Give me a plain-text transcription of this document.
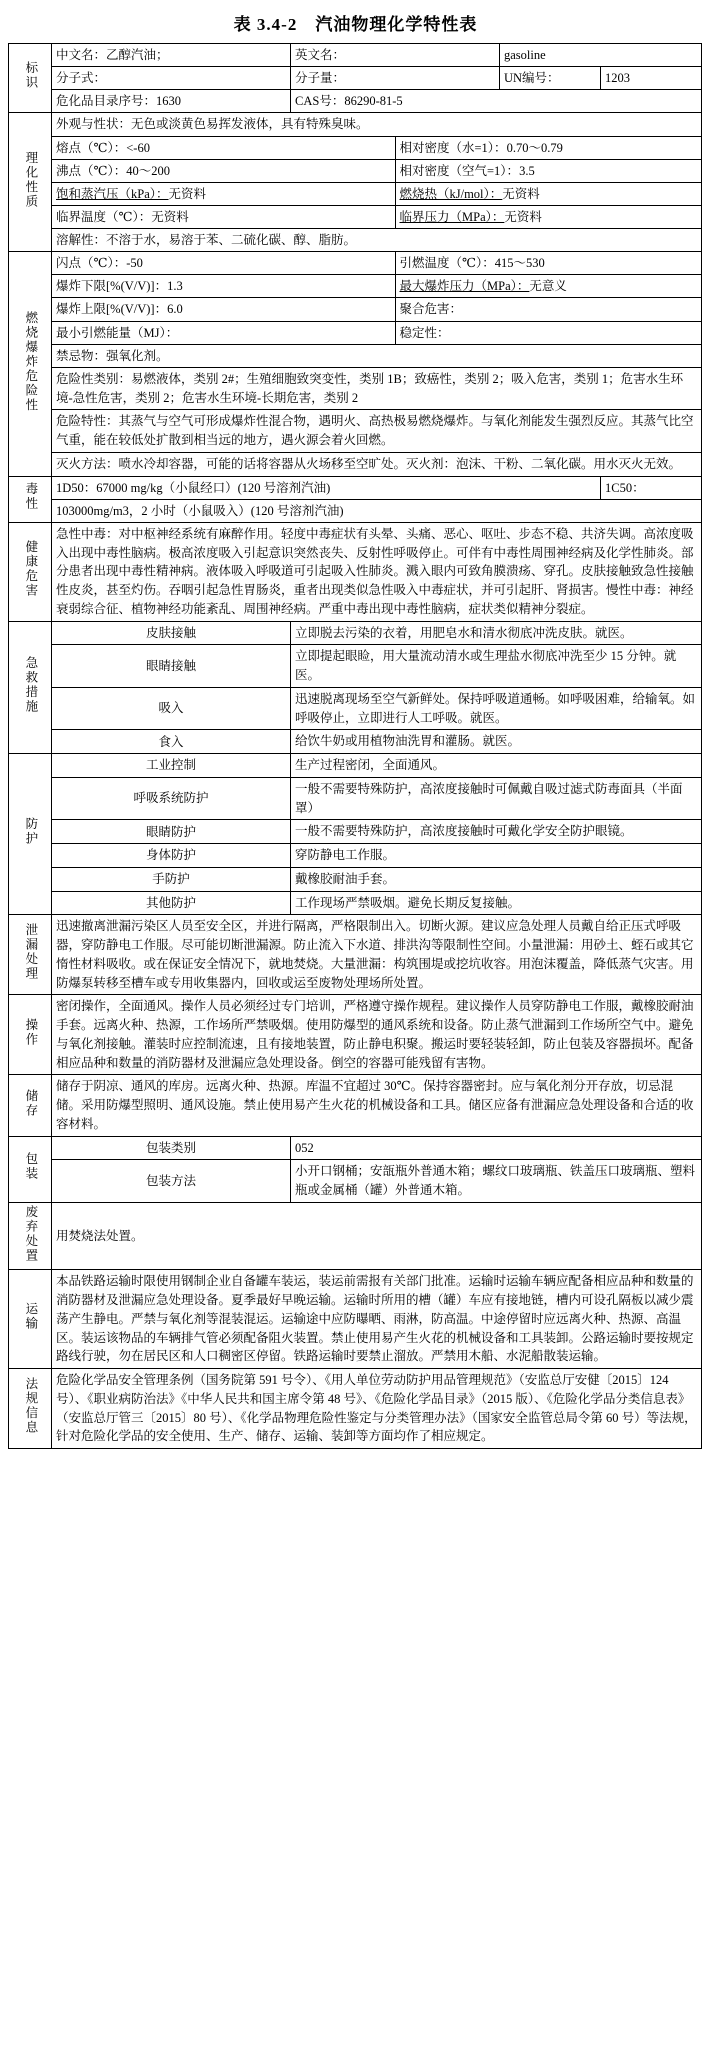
表 3.4-2　汽油物理化学特性表
标识	中文名：乙醇汽油；	英文名：		gasoline	
	分子式：	分子量：		UN编号：	1203
	危化品目录序号：1630	CAS号：86290-81-5			
理化性质	外观与性状：无色或淡黄色易挥发液体，具有特殊臭味。				
	熔点（℃）：<-60		相对密度（水=1）：0.70～0.79		
	沸点（℃）：40～200		相对密度（空气=1）：3.5		
	饱和蒸汽压（kPa）：无资料		燃烧热（kJ/mol）：无资料		
	临界温度（℃）：无资料		临界压力（MPa）：无资料		
	溶解性：不溶于水，易溶于苯、二硫化碳、醇、脂肪。				
燃烧爆炸危险性	闪点（℃）：-50		引燃温度（℃）：415～530		
	爆炸下限[%(V/V)]：1.3		最大爆炸压力（MPa）：无意义		
	爆炸上限[%(V/V)]：6.0		聚合危害：		
	最小引燃能量（MJ）：		稳定性：		
	禁忌物：强氧化剂。				
	危险性类别：易燃液体，类别 2#；生殖细胞致突变性，类别 1B；致癌性，类别 2；吸入危害，类别 1；危害水生环境-急性危害，类别 2；危害水生环境-长期危害，类别 2				
	危险特性：其蒸气与空气可形成爆炸性混合物，遇明火、高热极易燃烧爆炸。与氧化剂能发生强烈反应。其蒸气比空气重，能在较低处扩散到相当远的地方，遇火源会着火回燃。				
	灭火方法：喷水冷却容器，可能的话将容器从火场移至空旷处。灭火剂：泡沫、干粉、二氧化碳。用水灭火无效。				
毒性	1D50：67000 mg/kg（小鼠经口）(120 号溶剂汽油)				1C50：
	103000mg/m3，2 小时（小鼠吸入）(120 号溶剂汽油)				
健康危害	急性中毒：对中枢神经系统有麻醉作用。轻度中毒症状有头晕、头痛、恶心、呕吐、步态不稳、共济失调。高浓度吸入出现中毒性脑病。极高浓度吸入引起意识突然丧失、反射性呼吸停止。可伴有中毒性周围神经病及化学性肺炎。部分患者出现中毒性精神病。液体吸入呼吸道可引起吸入性肺炎。溅入眼内可致角膜溃疡、穿孔。皮肤接触致急性接触性皮炎，甚至灼伤。吞咽引起急性胃肠炎，重者出现类似急性吸入中毒症状，并可引起肝、肾损害。慢性中毒：神经衰弱综合征、植物神经功能紊乱、周围神经病。严重中毒出现中毒性脑病，症状类似精神分裂症。				
急救措施	皮肤接触	立即脱去污染的衣着，用肥皂水和清水彻底冲洗皮肤。就医。			
	眼睛接触	立即提起眼睑，用大量流动清水或生理盐水彻底冲洗至少 15 分钟。就医。			
	吸入	迅速脱离现场至空气新鲜处。保持呼吸道通畅。如呼吸困难，给输氧。如呼吸停止，立即进行人工呼吸。就医。			
	食入	给饮牛奶或用植物油洗胃和灌肠。就医。			
防护	工业控制	生产过程密闭，全面通风。			
	呼吸系统防护	一般不需要特殊防护，高浓度接触时可佩戴自吸过滤式防毒面具（半面罩）			
	眼睛防护	一般不需要特殊防护，高浓度接触时可戴化学安全防护眼镜。			
	身体防护	穿防静电工作服。			
	手防护	戴橡胶耐油手套。			
	其他防护	工作现场严禁吸烟。避免长期反复接触。			
泄漏处理	迅速撤离泄漏污染区人员至安全区，并进行隔离，严格限制出入。切断火源。建议应急处理人员戴自给正压式呼吸器，穿防静电工作服。尽可能切断泄漏源。防止流入下水道、排洪沟等限制性空间。小量泄漏：用砂土、蛭石或其它惰性材料吸收。或在保证安全情况下，就地焚烧。大量泄漏：构筑围堤或挖坑收容。用泡沫覆盖，降低蒸气灾害。用防爆泵转移至槽车或专用收集器内，回收或运至废物处理场所处置。				
操作	密闭操作，全面通风。操作人员必须经过专门培训，严格遵守操作规程。建议操作人员穿防静电工作服，戴橡胶耐油手套。远离火种、热源，工作场所严禁吸烟。使用防爆型的通风系统和设备。防止蒸气泄漏到工作场所空气中。避免与氧化剂接触。灌装时应控制流速，且有接地装置，防止静电积聚。搬运时要轻装轻卸，防止包装及容器损坏。配备相应品种和数量的消防器材及泄漏应急处理设备。倒空的容器可能残留有害物。				
储存	储存于阴凉、通风的库房。远离火种、热源。库温不宜超过 30℃。保持容器密封。应与氧化剂分开存放，切忌混储。采用防爆型照明、通风设施。禁止使用易产生火花的机械设备和工具。储区应备有泄漏应急处理设备和合适的收容材料。				
包装	包装类别	052			
	包装方法	小开口钢桶；安瓿瓶外普通木箱；螺纹口玻璃瓶、铁盖压口玻璃瓶、塑料瓶或金属桶（罐）外普通木箱。			
废弃处置	用焚烧法处置。				
运输	本品铁路运输时限使用钢制企业自备罐车装运，装运前需报有关部门批准。运输时运输车辆应配备相应品种和数量的消防器材及泄漏应急处理设备。夏季最好早晚运输。运输时所用的槽（罐）车应有接地链，槽内可设孔隔板以减少震荡产生静电。严禁与氧化剂等混装混运。运输途中应防曝晒、雨淋，防高温。中途停留时应远离火种、热源、高温区。装运该物品的车辆排气管必须配备阻火装置。禁止使用易产生火花的机械设备和工具装卸。公路运输时要按规定路线行驶，勿在居民区和人口稠密区停留。铁路运输时要禁止溜放。严禁用木船、水泥船散装运输。				
法规信息	危险化学品安全管理条例（国务院第 591 号令）、《用人单位劳动防护用品管理规范》（安监总厅安健〔2015〕124 号）、《职业病防治法》《中华人民共和国主席令第 48 号》、《危险化学品目录》（2015 版）、《危险化学品分类信息表》（安监总厅管三〔2015〕80 号）、《化学品物理危险性鉴定与分类管理办法》（国家安全监管总局令第 60 号）等法规，针对危险化学品的安全使用、生产、储存、运输、装卸等方面均作了相应规定。				
